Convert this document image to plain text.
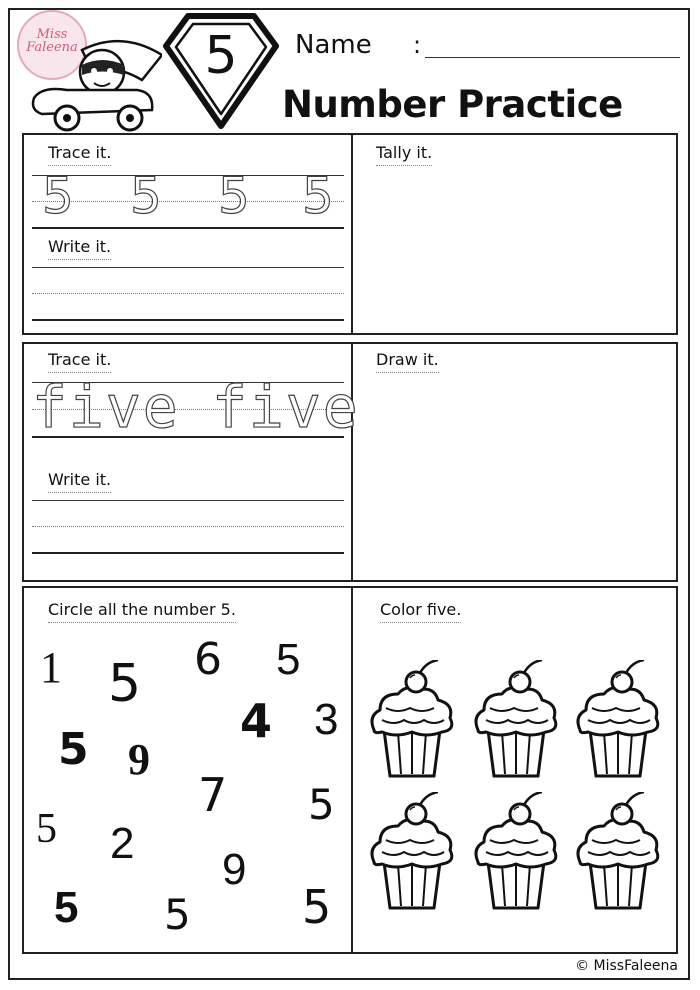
Miss Faleena	5	Name :
Number Practice
Trace it.
5 5 5 5
Write it.
Tally it.
Trace it.
five five
Write it.
Draw it.
Circle all the number 5.
1 5 6 5
5 9
4 3
7 5
5 2
9
5 5 5
Color five.
© MissFaleena
